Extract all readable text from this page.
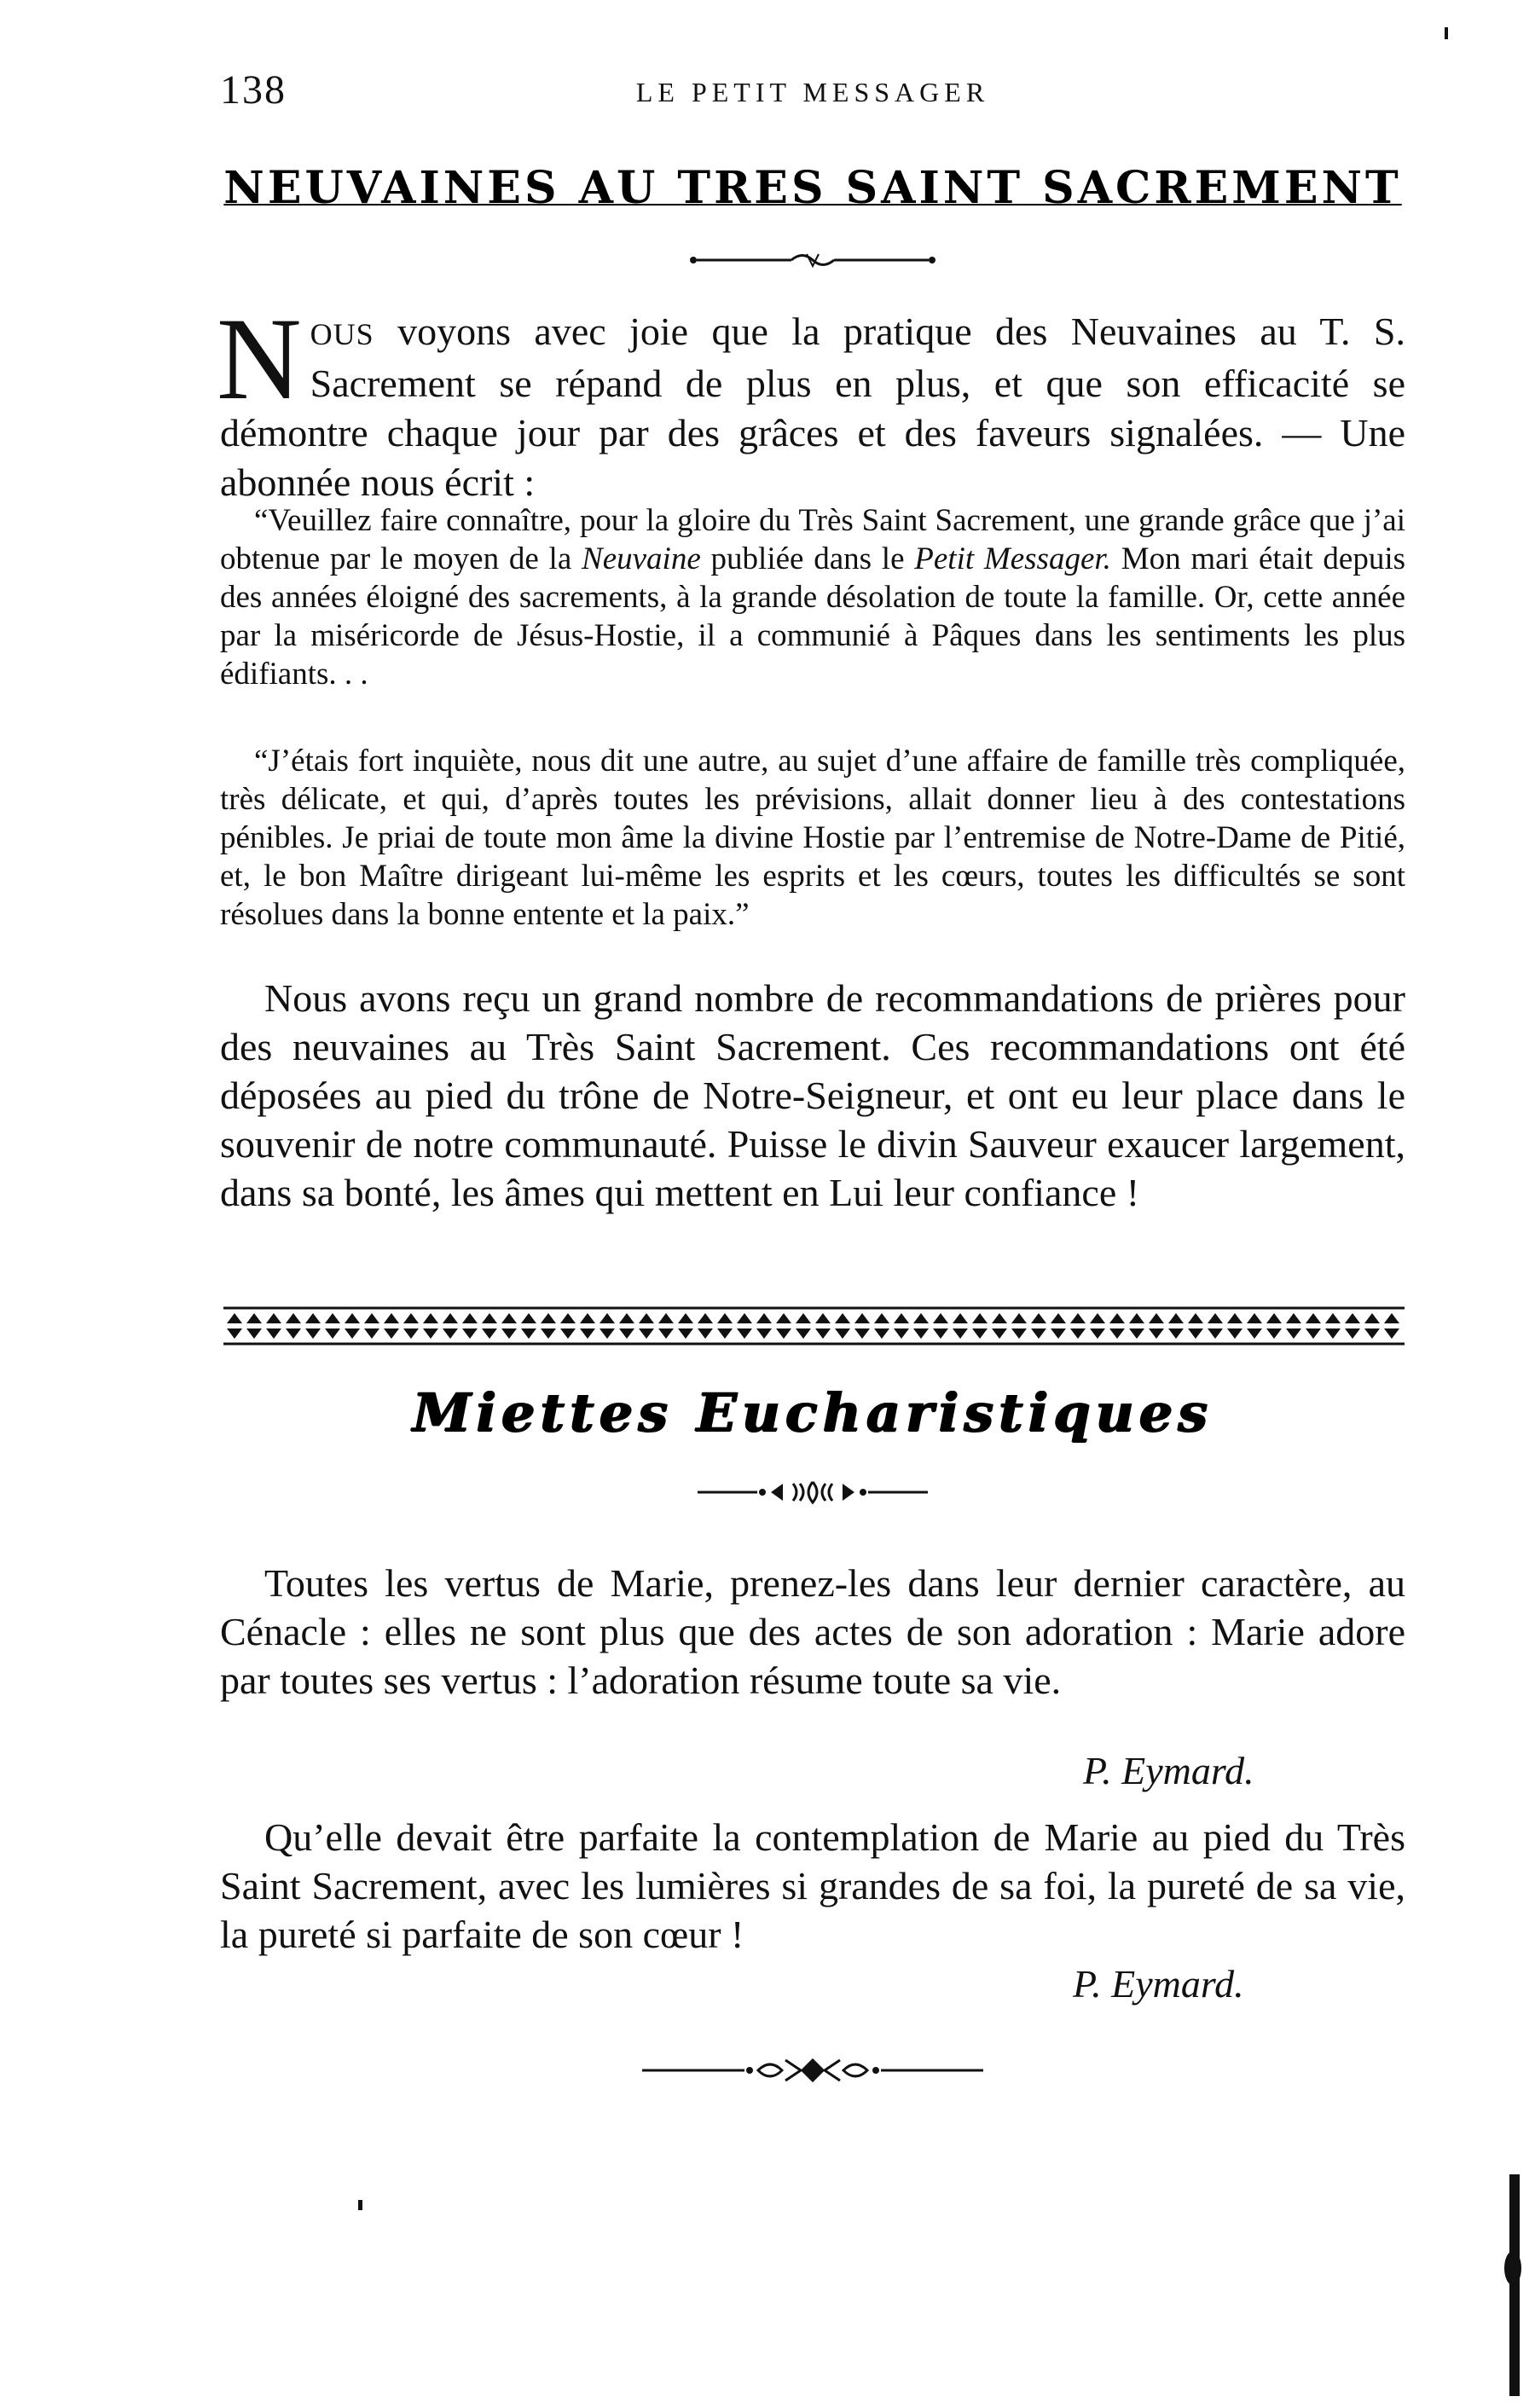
138	LE PETIT MESSAGER
NEUVAINES AU TRES SAINT SACREMENT
NOUS voyons avec joie que la pratique des Neuvaines au T. S. Sacrement se répand de plus en plus, et que son efficacité se démontre chaque jour par des grâces et des faveurs signalées. — Une abonnée nous écrit :
“Veuillez faire connaître, pour la gloire du Très Saint Sacrement, une grande grâce que j’ai obtenue par le moyen de la Neuvaine publiée dans le Petit Messager. Mon mari était depuis des années éloigné des sacrements, à la grande désolation de toute la famille. Or, cette année par la miséricorde de Jésus-Hostie, il a communié à Pâques dans les sentiments les plus édifiants. . .
“J’étais fort inquiète, nous dit une autre, au sujet d’une affaire de famille très compliquée, très délicate, et qui, d’après toutes les prévisions, allait donner lieu à des contestations pénibles. Je priai de toute mon âme la divine Hostie par l’entremise de Notre-Dame de Pitié, et, le bon Maître dirigeant lui-même les esprits et les cœurs, toutes les difficultés se sont résolues dans la bonne entente et la paix.”
Nous avons reçu un grand nombre de recommandations de prières pour des neuvaines au Très Saint Sacrement. Ces recommandations ont été déposées au pied du trône de Notre-Seigneur, et ont eu leur place dans le souvenir de notre communauté. Puisse le divin Sauveur exaucer largement, dans sa bonté, les âmes qui mettent en Lui leur confiance !
Miettes Eucharistiques
Toutes les vertus de Marie, prenez-les dans leur dernier caractère, au Cénacle : elles ne sont plus que des actes de son adoration : Marie adore par toutes ses vertus : l’adoration résume toute sa vie.
P. Eymard.
Qu’elle devait être parfaite la contemplation de Marie au pied du Très Saint Sacrement, avec les lumières si grandes de sa foi, la pureté de sa vie, la pureté si parfaite de son cœur !
P. Eymard.
